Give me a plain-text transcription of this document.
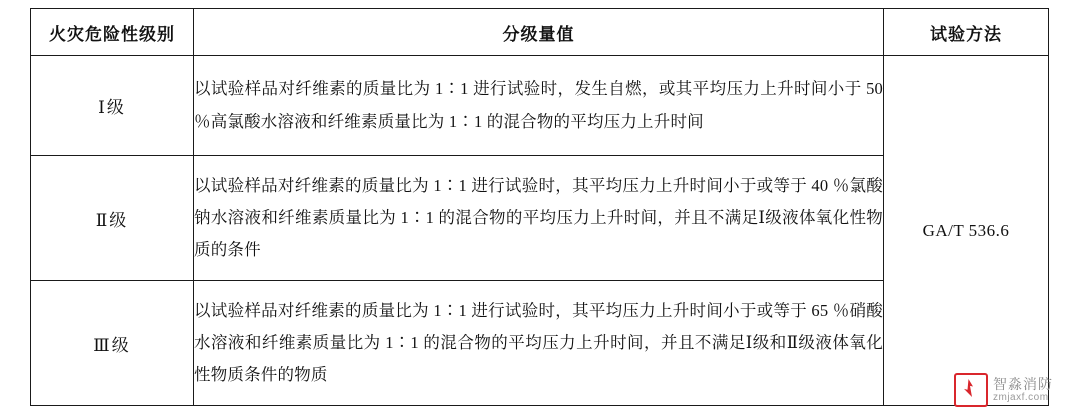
火灾危险性级别	分级量值	试验方法
Ⅰ级	以试验样品对纤维素的质量比为 1∶1 进行试验时，发生自燃，或其平均压力上升时间小于 50 ％高氯酸水溶液和纤维素质量比为 1∶1 的混合物的平均压力上升时间	GA/T 536.6
Ⅱ级	以试验样品对纤维素的质量比为 1∶1 进行试验时，其平均压力上升时间小于或等于 40 ％氯酸钠水溶液和纤维素质量比为 1∶1 的混合物的平均压力上升时间，并且不满足Ⅰ级液体氧化性物质的条件	
Ⅲ级	以试验样品对纤维素的质量比为 1∶1 进行试验时，其平均压力上升时间小于或等于 65 ％硝酸水溶液和纤维素质量比为 1∶1 的混合物的平均压力上升时间，并且不满足Ⅰ级和Ⅱ级液体氧化性物质条件的物质	
智淼消防
zmjaxf.com
